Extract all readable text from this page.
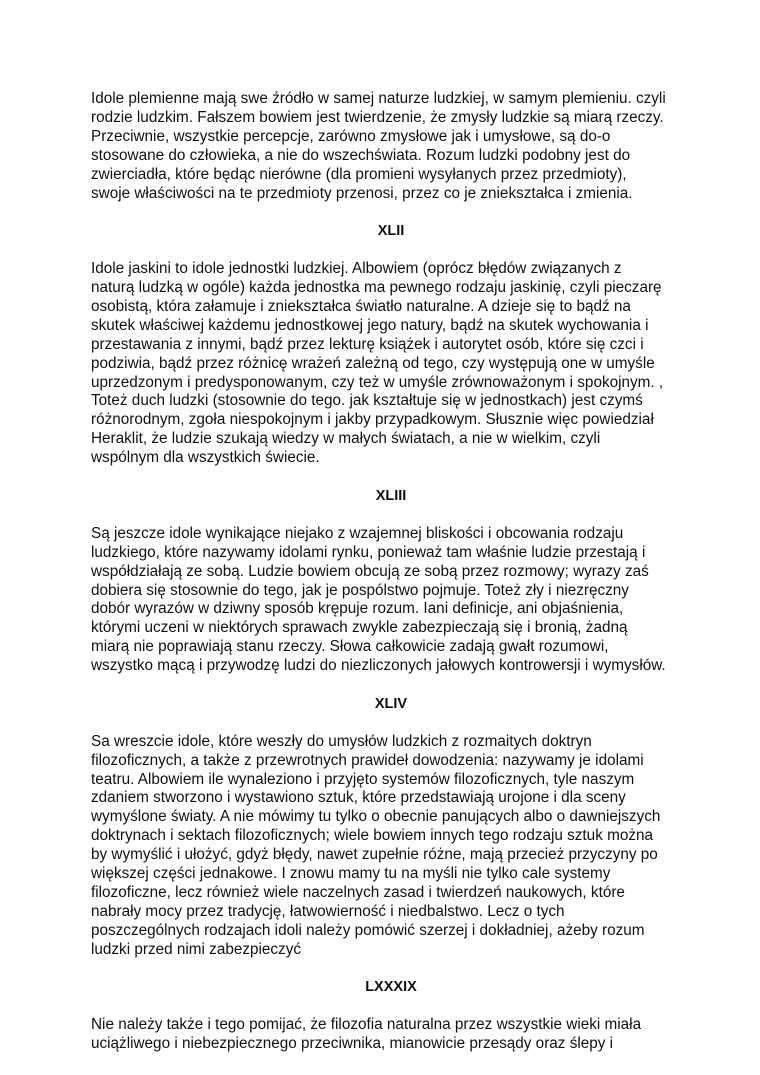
Idole plemienne mają swe źródło w samej naturze ludzkiej, w samym plemieniu. czyli
rodzie ludzkim. Fałszem bowiem jest twierdzenie, że zmysły ludzkie są miarą rzeczy.
Przeciwnie, wszystkie percepcje, zarówno zmysłowe jak i umysłowe, są do-o
stosowane do człowieka, a nie do wszechświata. Rozum ludzki podobny jest do
zwierciadła, które będąc nierówne (dla promieni wysyłanych przez przedmioty),
swoje właściwości na te przedmioty przenosi, przez co je zniekształca i zmienia.
XLII
Idole jaskini to idole jednostki ludzkiej. Albowiem (oprócz błędów związanych z
naturą ludzką w ogóle) każda jednostka ma pewnego rodzaju jaskinię, czyli pieczarę
osobistą, która załamuje i zniekształca światło naturalne. A dzieje się to bądź na
skutek właściwej każdemu jednostkowej jego natury, bądź na skutek wychowania i
przestawania z innymi, bądź przez lekturę książek i autorytet osób, które się czci i
podziwia, bądź przez różnicę wrażeń zależną od tego, czy występują one w umyśle
uprzedzonym i predysponowanym, czy też w umyśle zrównoważonym i spokojnym. ,
Toteż duch ludzki (stosownie do tego. jak kształtuje się w jednostkach) jest czymś
różnorodnym, zgoła niespokojnym i jakby przypadkowym. Słusznie więc powiedział
Heraklit, że ludzie szukają wiedzy w małych światach, a nie w wielkim, czyli
wspólnym dla wszystkich świecie.
XLIII
Są jeszcze idole wynikające niejako z wzajemnej bliskości i obcowania rodzaju
ludzkiego, które nazywamy idolami rynku, ponieważ tam właśnie ludzie przestają i
współdziałają ze sobą. Ludzie bowiem obcują ze sobą przez rozmowy; wyrazy zaś
dobiera się stosownie do tego, jak je pospólstwo pojmuje. Toteż zły i niezręczny
dobór wyrazów w dziwny sposób krępuje rozum. Iani definicje, ani objaśnienia,
którymi uczeni w niektórych sprawach zwykle zabezpieczają się i bronią, żadną
miarą nie poprawiają stanu rzeczy. Słowa całkowicie zadają gwałt rozumowi,
wszystko mącą i przywodzę ludzi do niezliczonych jałowych kontrowersji i wymysłów.
XLIV
Sa wreszcie idole, które weszły do umysłów ludzkich z rozmaitych doktryn
filozoficznych, a także z przewrotnych prawideł dowodzenia: nazywamy je idolami
teatru. Albowiem ile wynaleziono i przyjęto systemów filozoficznych, tyle naszym
zdaniem stworzono i wystawiono sztuk, które przedstawiają urojone i dla sceny
wymyślone światy. A nie mówimy tu tylko o obecnie panujących albo o dawniejszych
doktrynach i sektach filozoficznych; wiele bowiem innych tego rodzaju sztuk można
by wymyślić i ułożyć, gdyż błędy, nawet zupełnie różne, mają przecież przyczyny po
większej części jednakowe. I znowu mamy tu na myśli nie tylko cale systemy
filozoficzne, lecz również wiele naczelnych zasad i twierdzeń naukowych, które
nabrały mocy przez tradycję, łatwowierność i niedbalstwo. Lecz o tych
poszczególnych rodzajach idoli należy pomówić szerzej i dokładniej, ażeby rozum
ludzki przed nimi zabezpieczyć
LXXXIX
Nie należy także i tego pomijać, że filozofia naturalna przez wszystkie wieki miała
uciążliwego i niebezpiecznego przeciwnika, mianowicie przesądy oraz ślepy i
